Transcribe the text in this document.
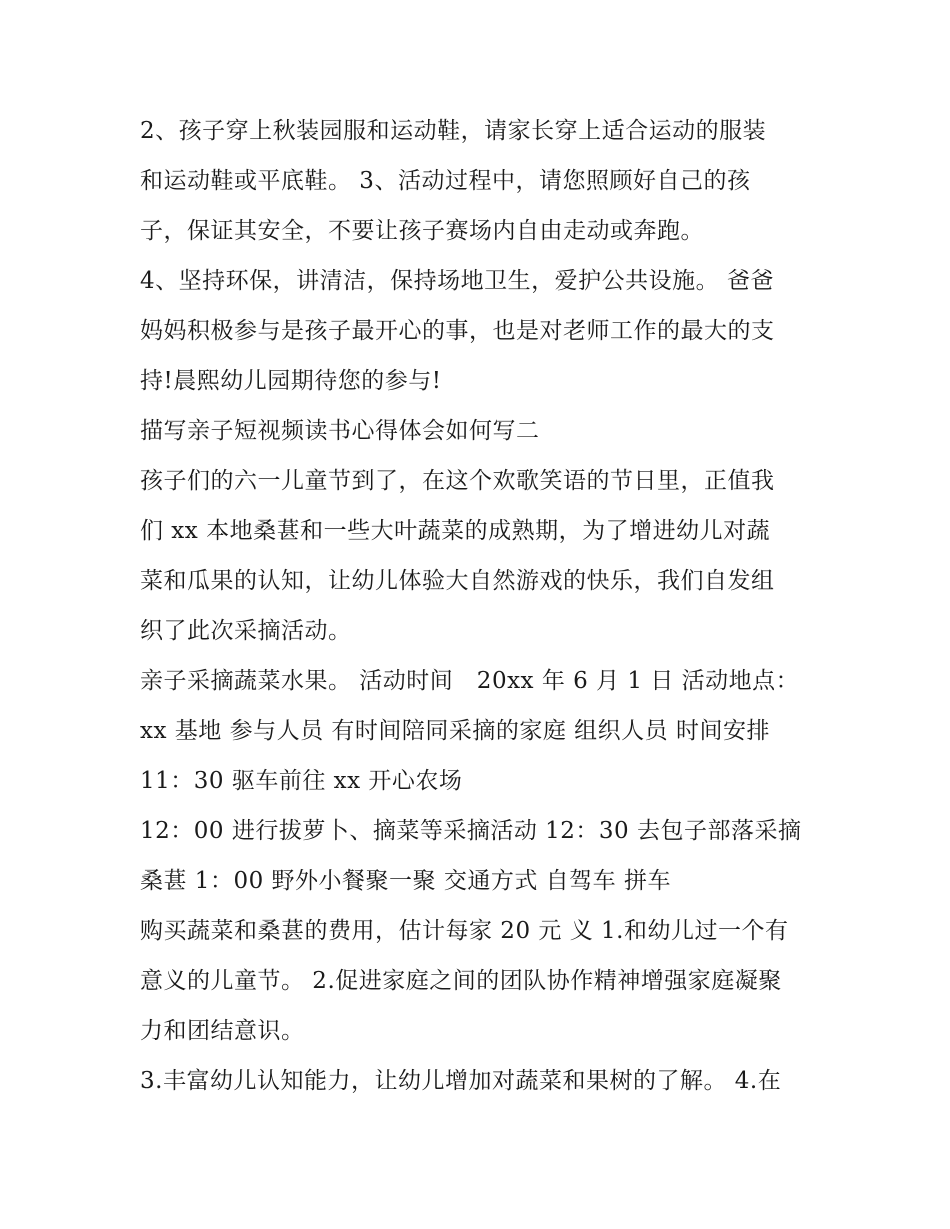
2、孩子穿上秋装园服和运动鞋，请家长穿上适合运动的服装
和运动鞋或平底鞋。 3、活动过程中，请您照顾好自己的孩
子，保证其安全，不要让孩子赛场内自由走动或奔跑。
4、坚持环保，讲清洁，保持场地卫生，爱护公共设施。 爸爸
妈妈积极参与是孩子最开心的事，也是对老师工作的最大的支
持!晨熙幼儿园期待您的参与!
描写亲子短视频读书心得体会如何写二
孩子们的六一儿童节到了，在这个欢歌笑语的节日里，正值我
们 xx 本地桑葚和一些大叶蔬菜的成熟期，为了增进幼儿对蔬
菜和瓜果的认知，让幼儿体验大自然游戏的快乐，我们自发组
织了此次采摘活动。
亲子采摘蔬菜水果。 活动时间　20xx 年 6 月 1 日 活动地点：
xx 基地 参与人员 有时间陪同采摘的家庭 组织人员 时间安排
11：30 驱车前往 xx 开心农场
12：00 进行拔萝卜、摘菜等采摘活动 12：30 去包子部落采摘
桑葚 1：00 野外小餐聚一聚 交通方式 自驾车 拼车
购买蔬菜和桑葚的费用，估计每家 20 元 义 1.和幼儿过一个有
意义的儿童节。 2.促进家庭之间的团队协作精神增强家庭凝聚
力和团结意识。
3.丰富幼儿认知能力，让幼儿增加对蔬菜和果树的了解。 4.在
